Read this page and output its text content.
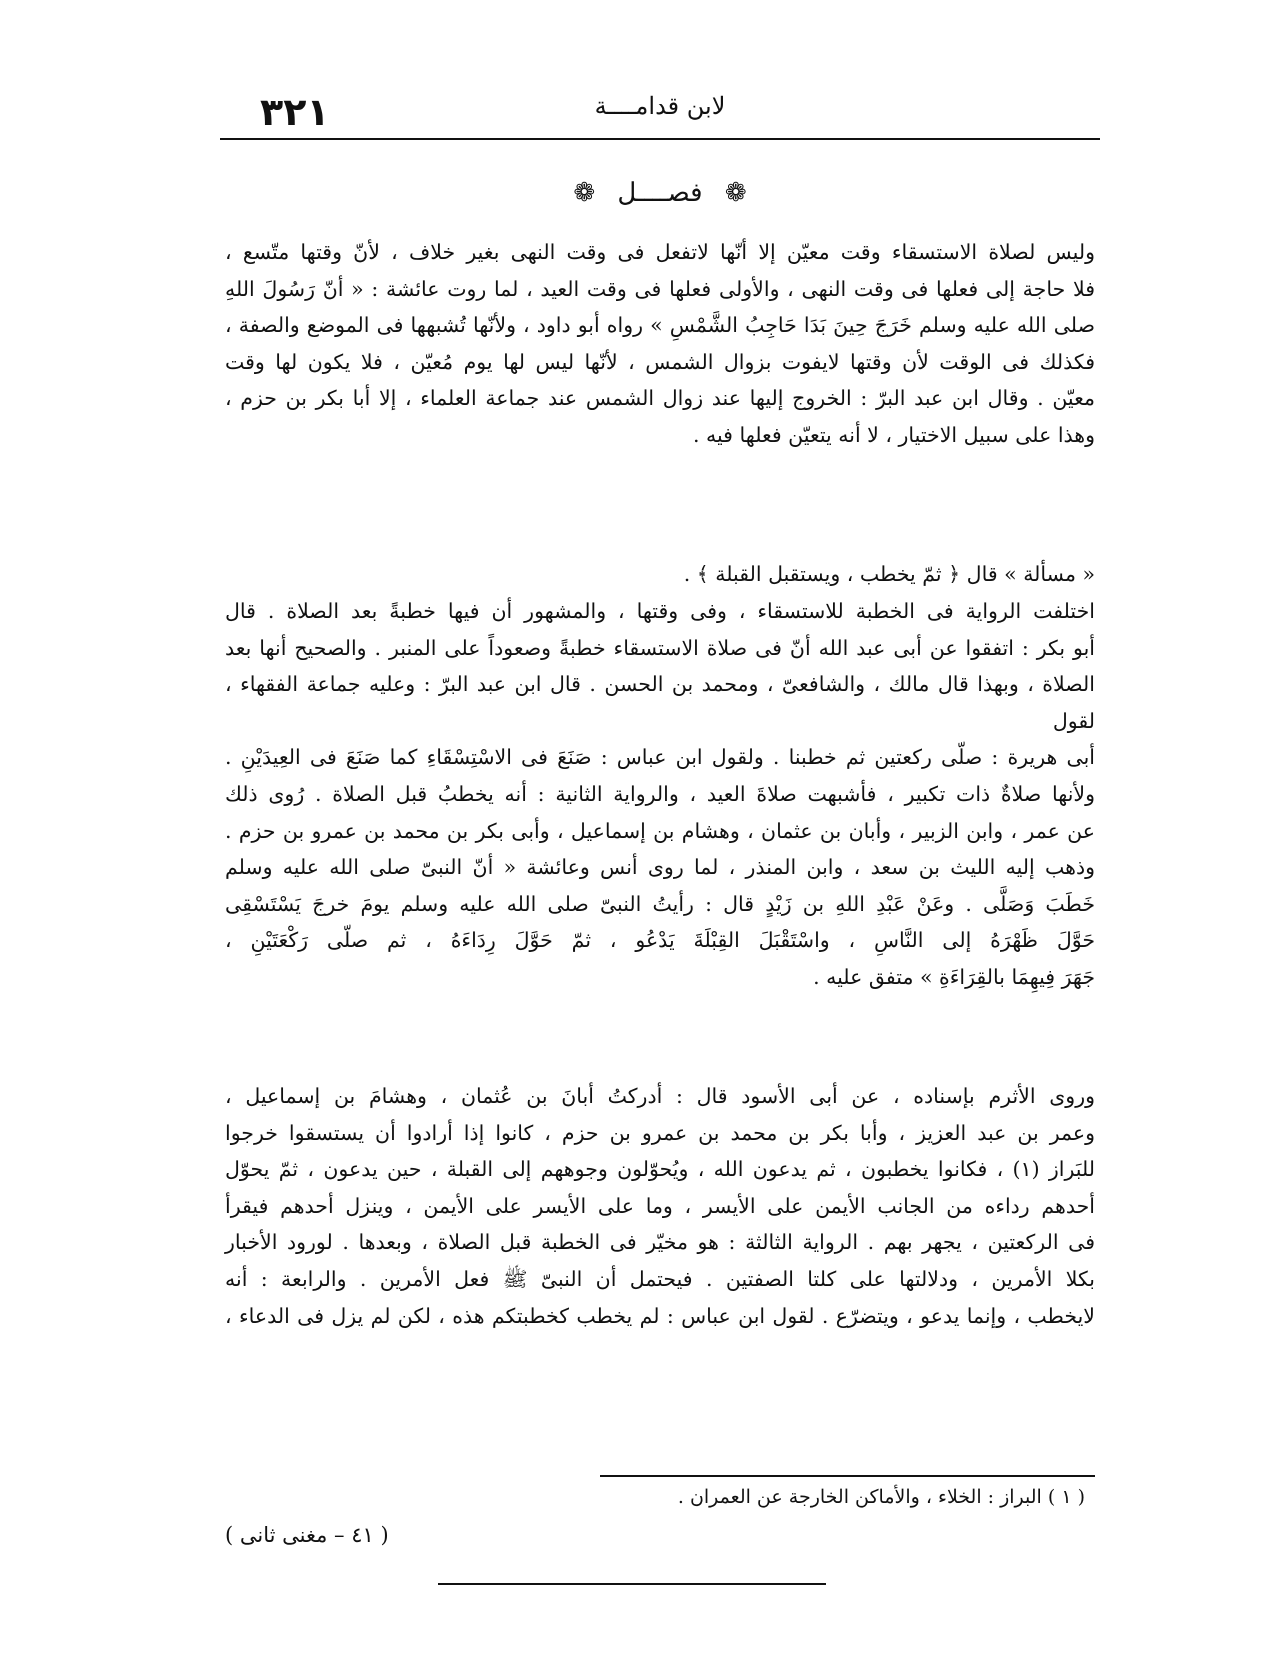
٣٢١	لابن قدامــــة
❁ فصــــل ❁

وليس لصلاة الاستسقاء وقت معيّن إلا أنّها لاتفعل فى وقت النهى بغير خلاف ، لأنّ وقتها متّسع ،

فلا حاجة إلى فعلها فى وقت النهى ، والأولى فعلها فى وقت العيد ، لما روت عائشة : « أنّ رَسُولَ اللهِ

صلى الله عليه وسلم خَرَجَ حِينَ بَدَا حَاجِبُ الشَّمْسِ » رواه أبو داود ، ولأنّها تُشبهها فى الموضع والصفة ،

فكذلك فى الوقت لأن وقتها لايفوت بزوال الشمس ، لأنّها ليس لها يوم مُعيّن ، فلا يكون لها وقت

معيّن . وقال ابن عبد البرّ : الخروج إليها عند زوال الشمس عند جماعة العلماء ، إلا أبا بكر بن حزم ،

وهذا على سبيل الاختيار ، لا أنه يتعيّن فعلها فيه .

« مسألة » قال ﴿ ثمّ يخطب ، ويستقبل القبلة ﴾ .

اختلفت الرواية فى الخطبة للاستسقاء ، وفى وقتها ، والمشهور أن فيها خطبةً بعد الصلاة . قال

أبو بكر : اتفقوا عن أبى عبد الله أنّ فى صلاة الاستسقاء خطبةً وصعوداً على المنبر . والصحيح أنها بعد

الصلاة ، وبهذا قال مالك ، والشافعىّ ، ومحمد بن الحسن . قال ابن عبد البرّ : وعليه جماعة الفقهاء ، لقول

أبى هريرة : صلّى ركعتين ثم خطبنا . ولقول ابن عباس : صَنَعَ فى الاسْتِسْقَاءِ كما صَنَعَ فى العِيدَيْنِ .

ولأنها صلاةٌ ذات تكبير ، فأشبهت صلاةَ العيد ، والرواية الثانية : أنه يخطبُ قبل الصلاة . رُوى ذلك

عن عمر ، وابن الزبير ، وأبان بن عثمان ، وهشام بن إسماعيل ، وأبى بكر بن محمد بن عمرو بن حزم .

وذهب إليه الليث بن سعد ، وابن المنذر ، لما روى أنس وعائشة « أنّ النبىّ صلى الله عليه وسلم

خَطَبَ وَصَلَّى . وعَنْ عَبْدِ اللهِ بن زَيْدٍ قال : رأيتُ النبىّ صلى الله عليه وسلم يومَ خرجَ يَسْتَسْقِى

حَوَّلَ ظَهْرَهُ إلى النَّاسِ ، واسْتَقْبَلَ القِبْلَةَ يَدْعُو ، ثمّ حَوَّلَ رِدَاءَهُ ، ثم صلّى رَكْعَتَيْنِ ،

جَهَرَ فِيهِمَا بالقِرَاءَةِ » متفق عليه .

وروى الأثرم بإسناده ، عن أبى الأسود قال : أدركتُ أبانَ بن عُثمان ، وهشامَ بن إسماعيل ،

وعمر بن عبد العزيز ، وأبا بكر بن محمد بن عمرو بن حزم ، كانوا إذا أرادوا أن يستسقوا خرجوا

للبَراز (١) ، فكانوا يخطبون ، ثم يدعون الله ، ويُحوّلون وجوههم إلى القبلة ، حين يدعون ، ثمّ يحوّل

أحدهم رداءه من الجانب الأيمن على الأيسر ، وما على الأيسر على الأيمن ، وينزل أحدهم فيقرأ

فى الركعتين ، يجهر بهم . الرواية الثالثة : هو مخيّر فى الخطبة قبل الصلاة ، وبعدها . لورود الأخبار

بكلا الأمرين ، ودلالتها على كلتا الصفتين . فيحتمل أن النبىّ ﷺ فعل الأمرين . والرابعة : أنه

لايخطب ، وإنما يدعو ، ويتضرّع . لقول ابن عباس : لم يخطب كخطبتكم هذه ، لكن لم يزل فى الدعاء ،

( ١ ) البراز : الخلاء ، والأماكن الخارجة عن العمران .
( ٤١ – مغنى ثانى )
